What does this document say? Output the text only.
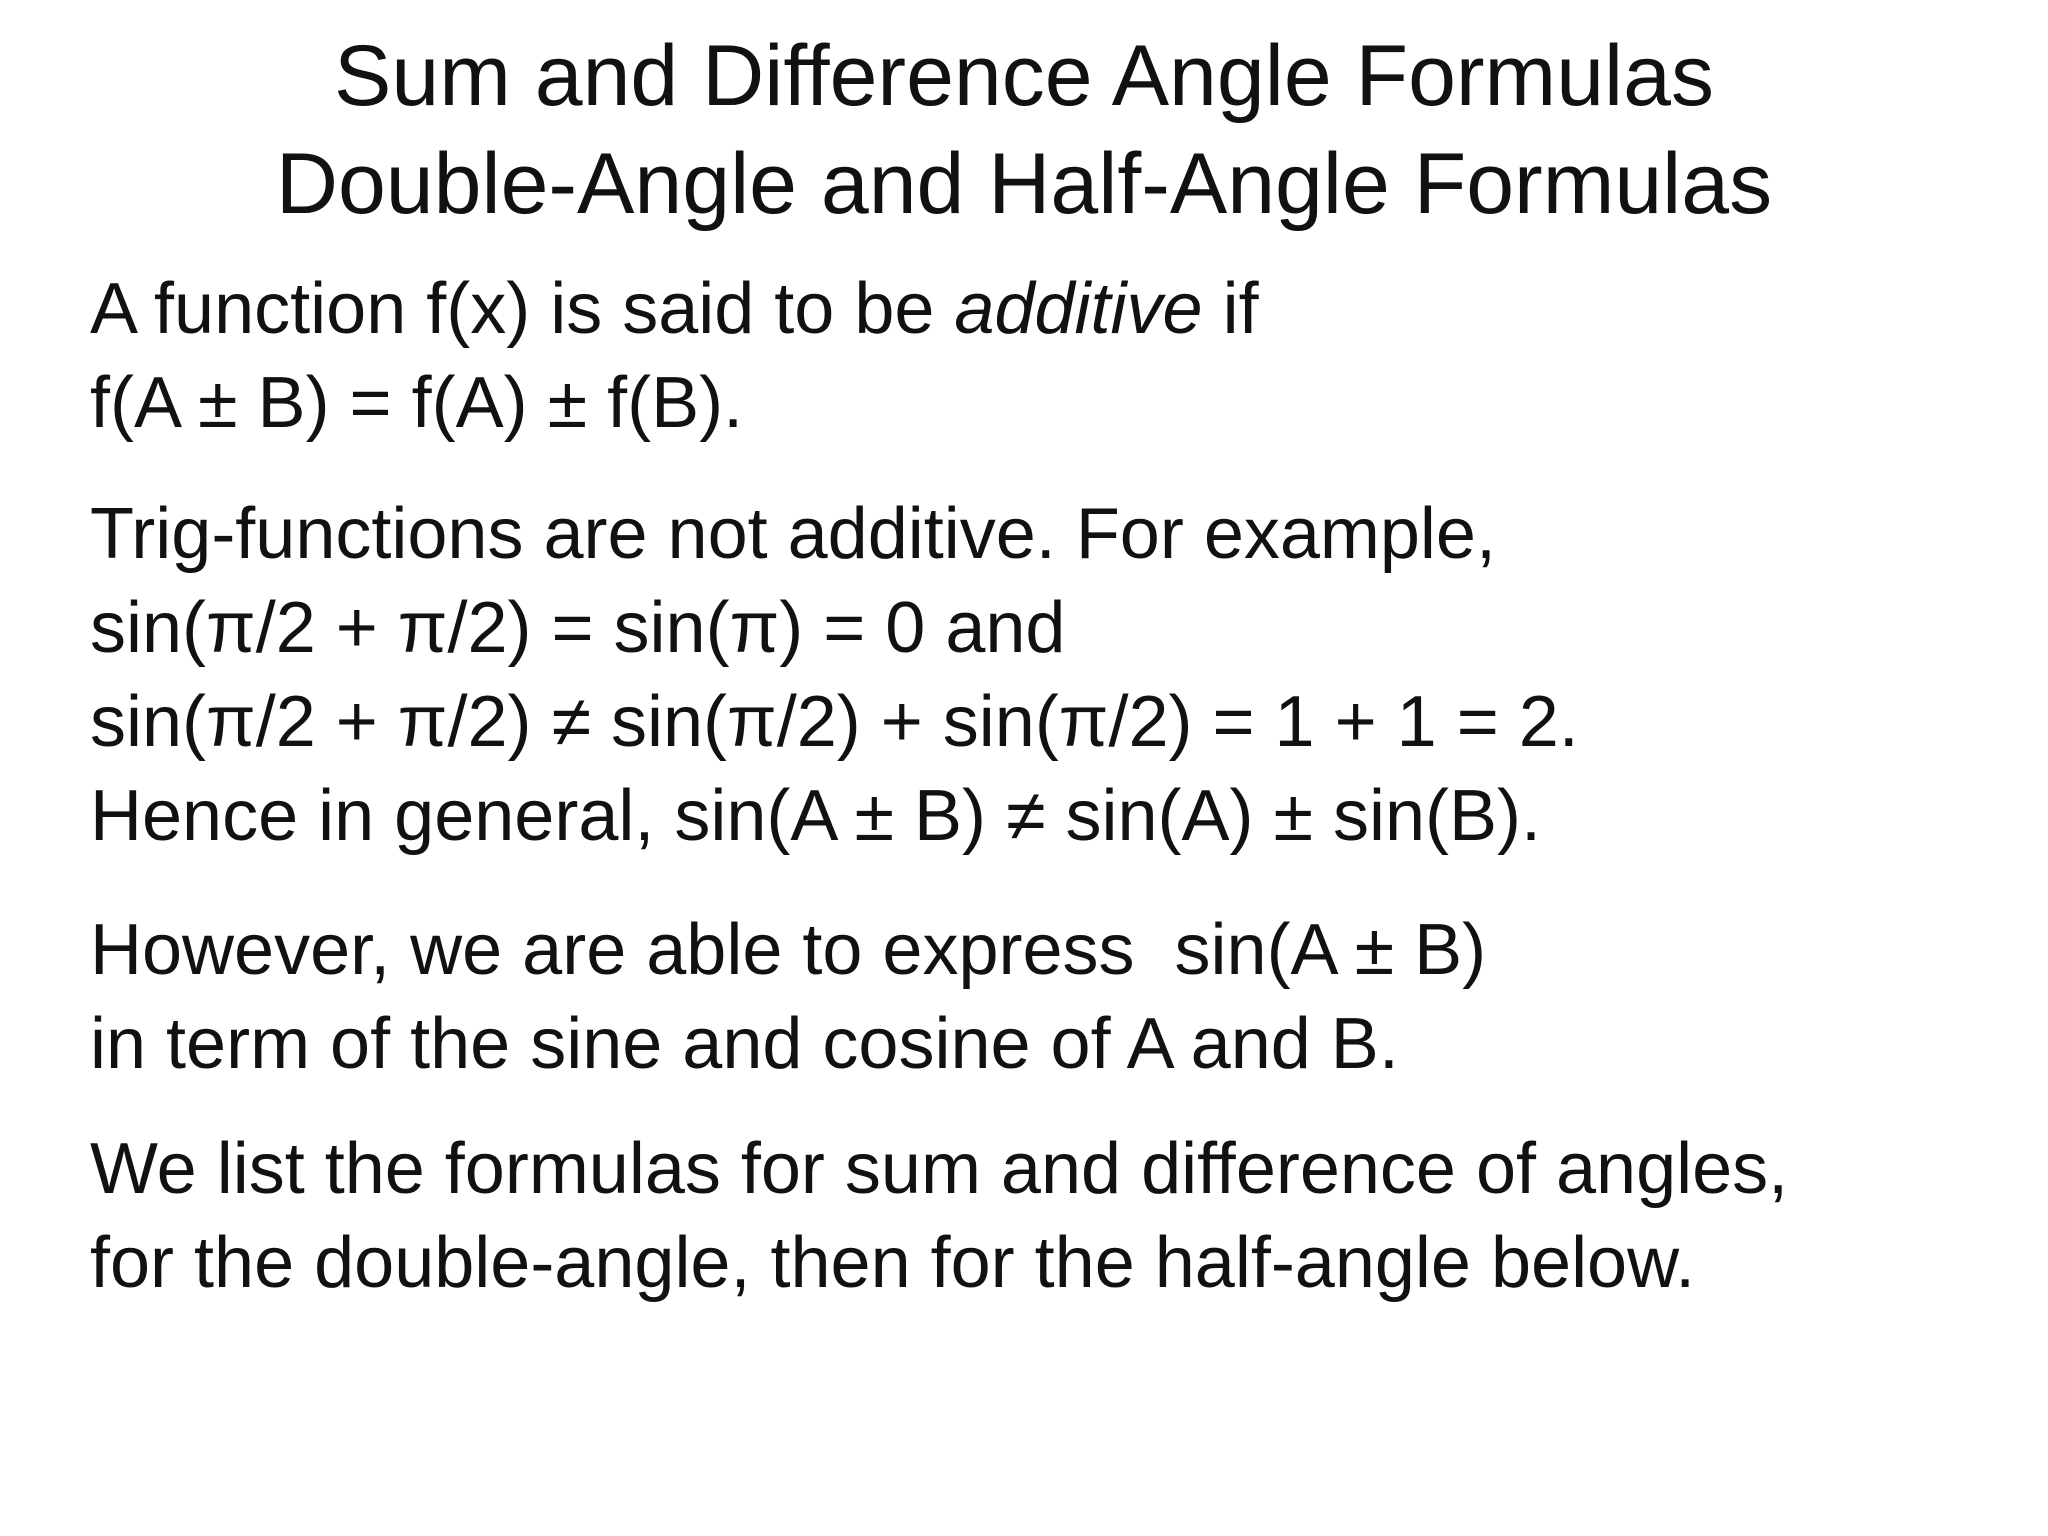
Sum and Difference Angle Formulas
Double-Angle and Half-Angle Formulas
A function f(x) is said to be additive if
f(A ± B) = f(A) ± f(B).
Trig-functions are not additive. For example,
sin(π/2 + π/2) = sin(π) = 0 and
sin(π/2 + π/2) ≠ sin(π/2) + sin(π/2) = 1 + 1 = 2.
Hence in general, sin(A ± B) ≠ sin(A) ± sin(B).
However, we are able to express  sin(A ± B)
in term of the sine and cosine of A and B.
We list the formulas for sum and difference of angles,
for the double-angle, then for the half-angle below.
